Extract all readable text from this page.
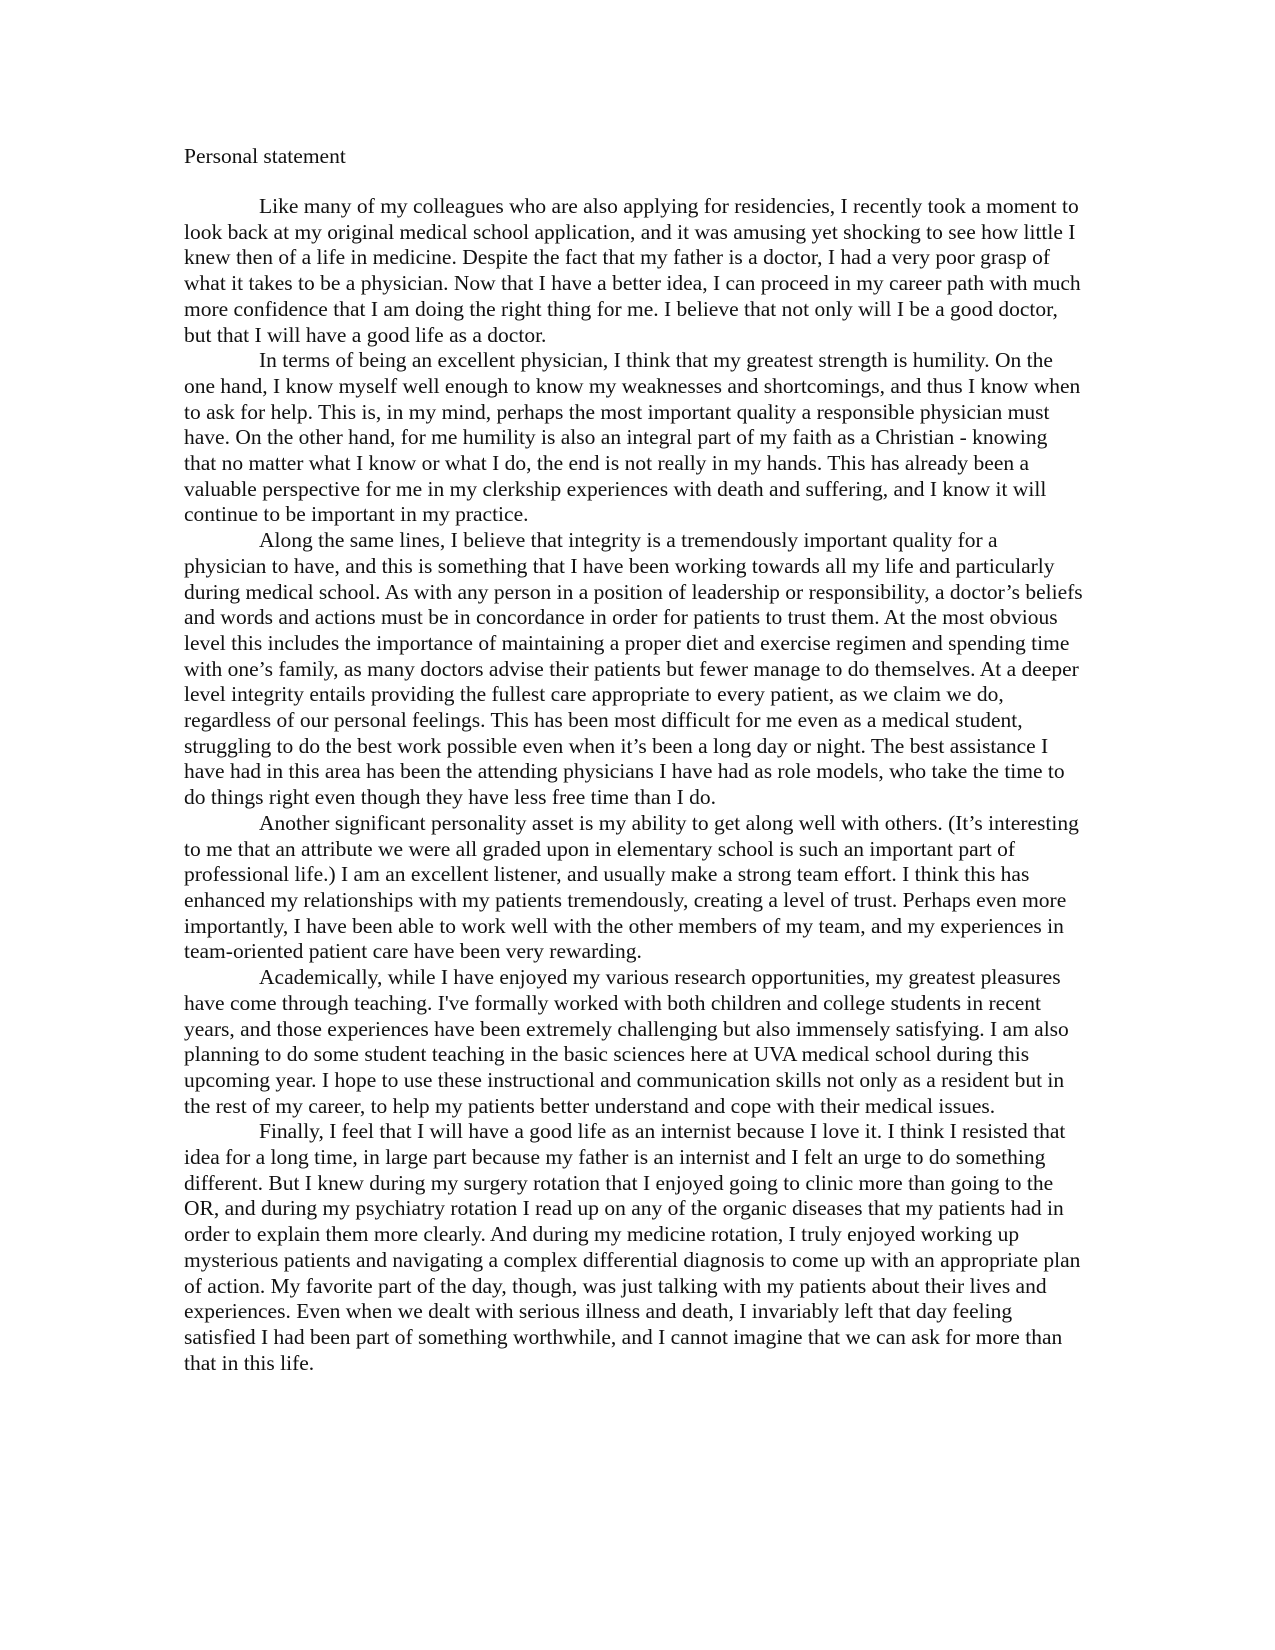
Personal statement

Like many of my colleagues who are also applying for residencies, I recently took a moment to look back at my original medical school application, and it was amusing yet shocking to see how little I knew then of a life in medicine. Despite the fact that my father is a doctor, I had a very poor grasp of what it takes to be a physician. Now that I have a better idea, I can proceed in my career path with much more confidence that I am doing the right thing for me. I believe that not only will I be a good doctor, but that I will have a good life as a doctor.

In terms of being an excellent physician, I think that my greatest strength is humility. On the one hand, I know myself well enough to know my weaknesses and shortcomings, and thus I know when to ask for help. This is, in my mind, perhaps the most important quality a responsible physician must have. On the other hand, for me humility is also an integral part of my faith as a Christian - knowing that no matter what I know or what I do, the end is not really in my hands. This has already been a valuable perspective for me in my clerkship experiences with death and suffering, and I know it will continue to be important in my practice.

Along the same lines, I believe that integrity is a tremendously important quality for a physician to have, and this is something that I have been working towards all my life and particularly during medical school. As with any person in a position of leadership or responsibility, a doctor’s beliefs and words and actions must be in concordance in order for patients to trust them. At the most obvious level this includes the importance of maintaining a proper diet and exercise regimen and spending time with one’s family, as many doctors advise their patients but fewer manage to do themselves. At a deeper level integrity entails providing the fullest care appropriate to every patient, as we claim we do, regardless of our personal feelings. This has been most difficult for me even as a medical student, struggling to do the best work possible even when it’s been a long day or night. The best assistance I have had in this area has been the attending physicians I have had as role models, who take the time to do things right even though they have less free time than I do.

Another significant personality asset is my ability to get along well with others. (It’s interesting to me that an attribute we were all graded upon in elementary school is such an important part of professional life.) I am an excellent listener, and usually make a strong team effort. I think this has enhanced my relationships with my patients tremendously, creating a level of trust. Perhaps even more importantly, I have been able to work well with the other members of my team, and my experiences in team-oriented patient care have been very rewarding.

Academically, while I have enjoyed my various research opportunities, my greatest pleasures have come through teaching. I've formally worked with both children and college students in recent years, and those experiences have been extremely challenging but also immensely satisfying. I am also planning to do some student teaching in the basic sciences here at UVA medical school during this upcoming year. I hope to use these instructional and communication skills not only as a resident but in the rest of my career, to help my patients better understand and cope with their medical issues.

Finally, I feel that I will have a good life as an internist because I love it. I think I resisted that idea for a long time, in large part because my father is an internist and I felt an urge to do something different. But I knew during my surgery rotation that I enjoyed going to clinic more than going to the OR, and during my psychiatry rotation I read up on any of the organic diseases that my patients had in order to explain them more clearly. And during my medicine rotation, I truly enjoyed working up mysterious patients and navigating a complex differential diagnosis to come up with an appropriate plan of action. My favorite part of the day, though, was just talking with my patients about their lives and experiences. Even when we dealt with serious illness and death, I invariably left that day feeling satisfied I had been part of something worthwhile, and I cannot imagine that we can ask for more than that in this life.
